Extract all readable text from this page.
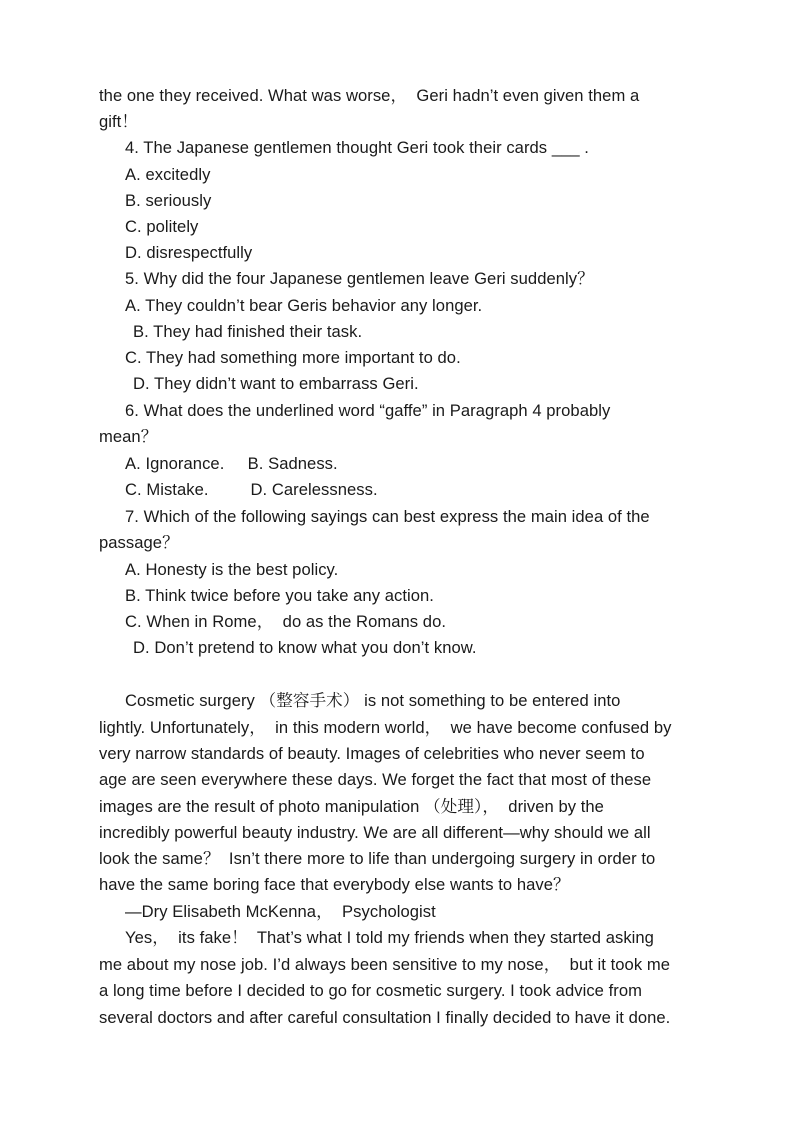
the one they received. What was worse，  Geri hadn’t even given them a
gift！
4. The Japanese gentlemen thought Geri took their cards ___ .
A. excitedly
B. seriously
C. politely
D. disrespectfully
5. Why did the four Japanese gentlemen leave Geri suddenly？
A. They couldn’t bear Geris behavior any longer.
B. They had finished their task.
C. They had something more important to do.
D. They didn’t want to embarrass Geri.
6. What does the underlined word “gaffe” in Paragraph 4 probably
mean？
A. Ignorance.     B. Sadness.
C. Mistake.         D. Carelessness.
7. Which of the following sayings can best express the main idea of the
passage？
A. Honesty is the best policy.
B. Think twice before you take any action.
C. When in Rome，  do as the Romans do.
D. Don’t pretend to know what you don’t know.
Cosmetic surgery （整容手术） is not something to be entered into
lightly. Unfortunately，  in this modern world，  we have become confused by
very narrow standards of beauty. Images of celebrities who never seem to
age are seen everywhere these days. We forget the fact that most of these
images are the result of photo manipulation （处理），  driven by the
incredibly powerful beauty industry. We are all different—why should we all
look the same？  Isn’t there more to life than undergoing surgery in order to
have the same boring face that everybody else wants to have？
—Dry Elisabeth McKenna，  Psychologist
Yes，  its fake！  That’s what I told my friends when they started asking
me about my nose job. I’d always been sensitive to my nose，  but it took me
a long time before I decided to go for cosmetic surgery. I took advice from
several doctors and after careful consultation I finally decided to have it done.
